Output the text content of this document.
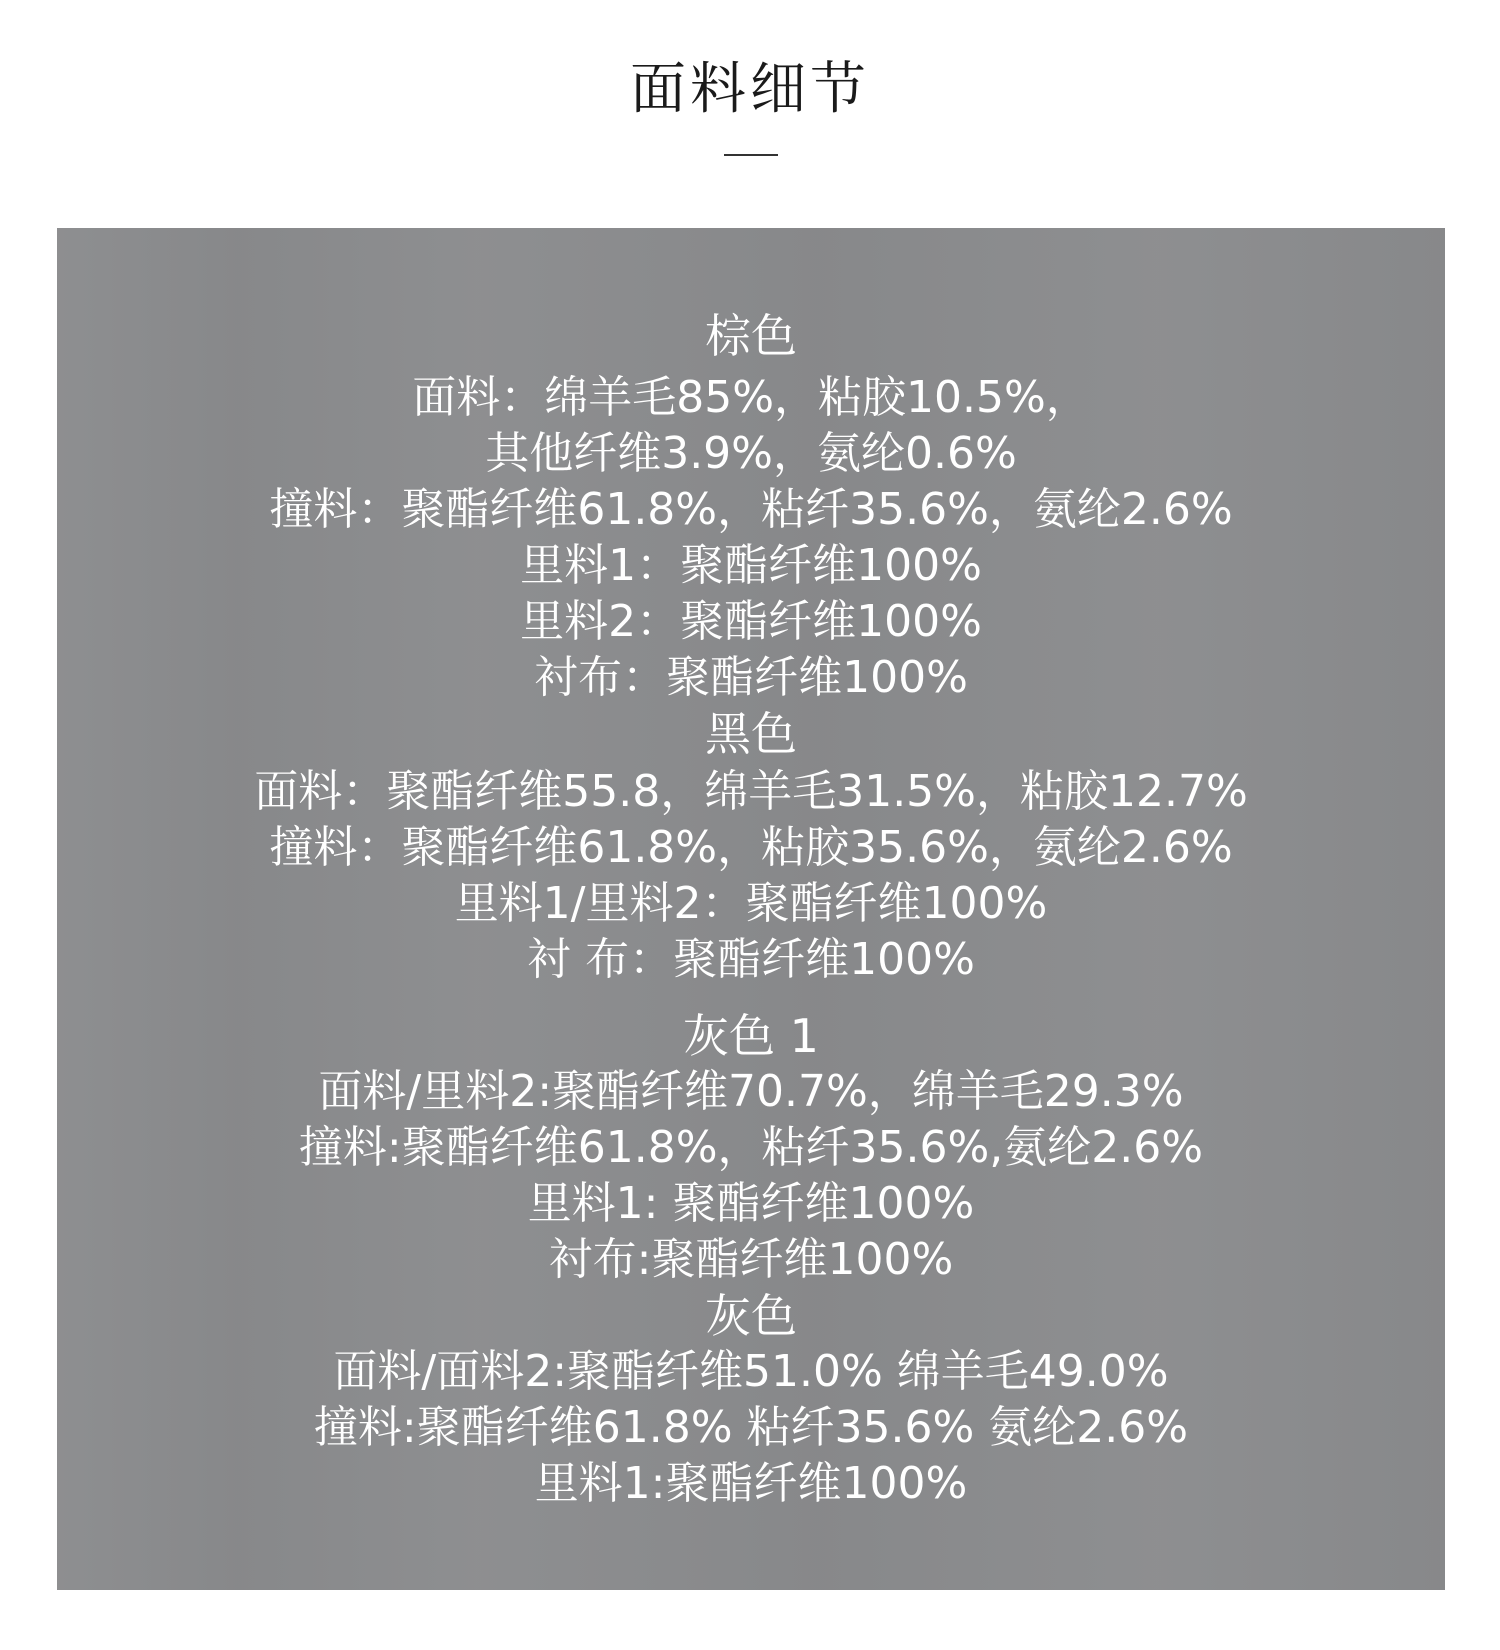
面料细节
棕色
面料：绵羊毛85%，粘胶10.5%，
其他纤维3.9%，氨纶0.6%
撞料：聚酯纤维61.8%，粘纤35.6%，氨纶2.6%
里料1：聚酯纤维100%
里料2：聚酯纤维100%
衬布：聚酯纤维100%
黑色
面料：聚酯纤维55.8，绵羊毛31.5%，粘胶12.7%
撞料：聚酯纤维61.8%，粘胶35.6%，氨纶2.6%
里料1/里料2：聚酯纤维100%
衬 布：聚酯纤维100%
灰色 1
面料/里料2:聚酯纤维70.7%，绵羊毛29.3%
撞料:聚酯纤维61.8%，粘纤35.6%,氨纶2.6%
里料1: 聚酯纤维100%
衬布:聚酯纤维100%
灰色
面料/面料2:聚酯纤维51.0% 绵羊毛49.0%
撞料:聚酯纤维61.8% 粘纤35.6% 氨纶2.6%
里料1:聚酯纤维100%
